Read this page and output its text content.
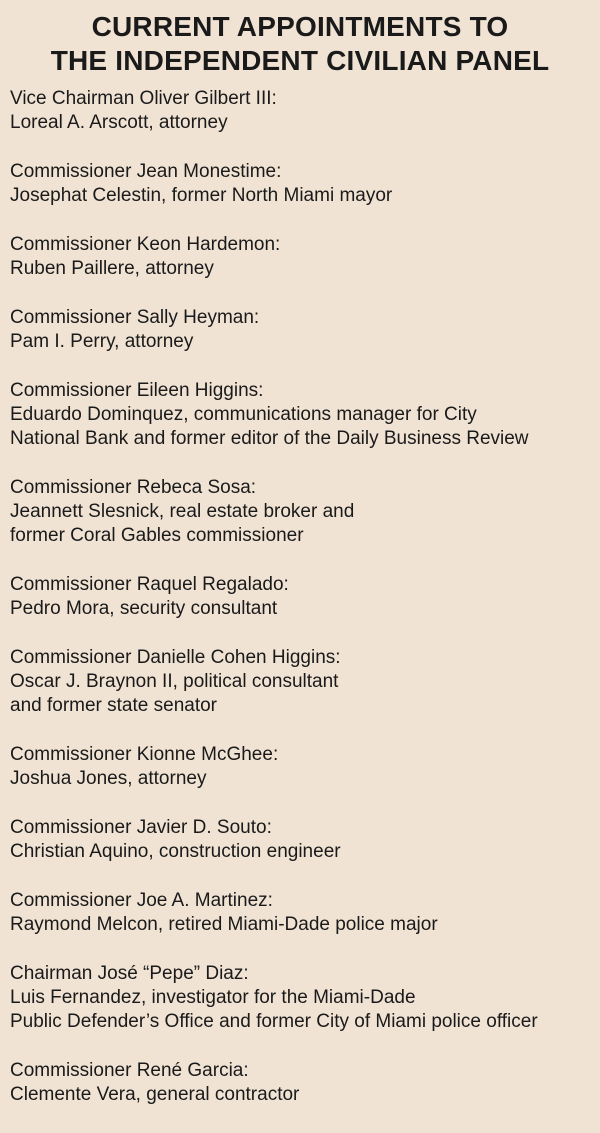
CURRENT APPOINTMENTS TO
THE INDEPENDENT CIVILIAN PANEL
Vice Chairman Oliver Gilbert III:
Loreal A. Arscott, attorney
Commissioner Jean Monestime:
Josephat Celestin, former North Miami mayor
Commissioner Keon Hardemon:
Ruben Paillere, attorney
Commissioner Sally Heyman:
Pam I. Perry, attorney
Commissioner Eileen Higgins:
Eduardo Dominquez, communications manager for City
National Bank and former editor of the Daily Business Review
Commissioner Rebeca Sosa:
Jeannett Slesnick, real estate broker and
former Coral Gables commissioner
Commissioner Raquel Regalado:
Pedro Mora, security consultant
Commissioner Danielle Cohen Higgins:
Oscar J. Braynon II, political consultant
and former state senator
Commissioner Kionne McGhee:
Joshua Jones, attorney
Commissioner Javier D. Souto:
Christian Aquino, construction engineer
Commissioner Joe A. Martinez:
Raymond Melcon, retired Miami-Dade police major
Chairman José “Pepe” Diaz:
Luis Fernandez, investigator for the Miami-Dade
Public Defender’s Office and former City of Miami police officer
Commissioner René Garcia:
Clemente Vera, general contractor
